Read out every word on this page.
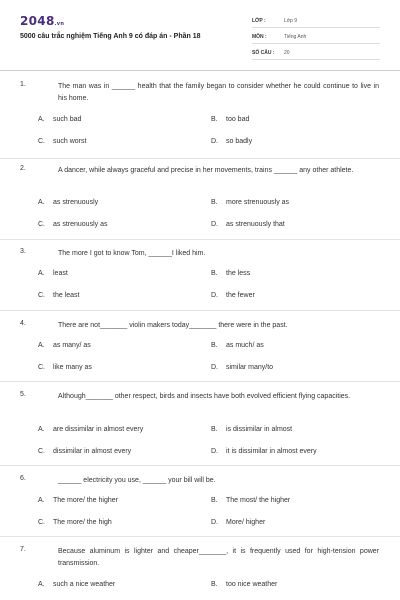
2048.vn
5000 câu trắc nghiệm Tiếng Anh 9 có đáp án - Phần 18
LỚP :	Lớp 9
MÔN :	Tiếng Anh
SỐ CÂU :	20
1.	The man was in ______ health that the family began to consider whether he could continue to live in his home.
A. such bad	B. too bad
C. such worst	D. so badly
2.	A dancer, while always graceful and precise in her movements, trains ______ any other athlete.
A. as strenuously	B. more strenuously as
C. as strenuously as	D. as strenuously that
3.	The more I got to know Tom, ______I liked him.
A. least	B. the less
C. the least	D. the fewer
4.	There are not_______ violin makers today_______ there were in the past.
A. as many/ as	B. as much/ as
C. like many as	D. similar many/to
5.	Although_______ other respect, birds and insects have both evolved efficient flying capacities.
A. are dissimilar in almost every	B. is dissimilar in almost
C. dissimilar in almost every	D. it is dissimilar in almost every
6.	______ electricity you use, ______ your bill will be.
A. The more/ the higher	B. The most/ the higher
C. The more/ the high	D. More/ higher
7.	Because aluminum is lighter and cheaper_______, it is frequently used for high-tension power transmission.
A. such a nice weather	B. too nice weather
